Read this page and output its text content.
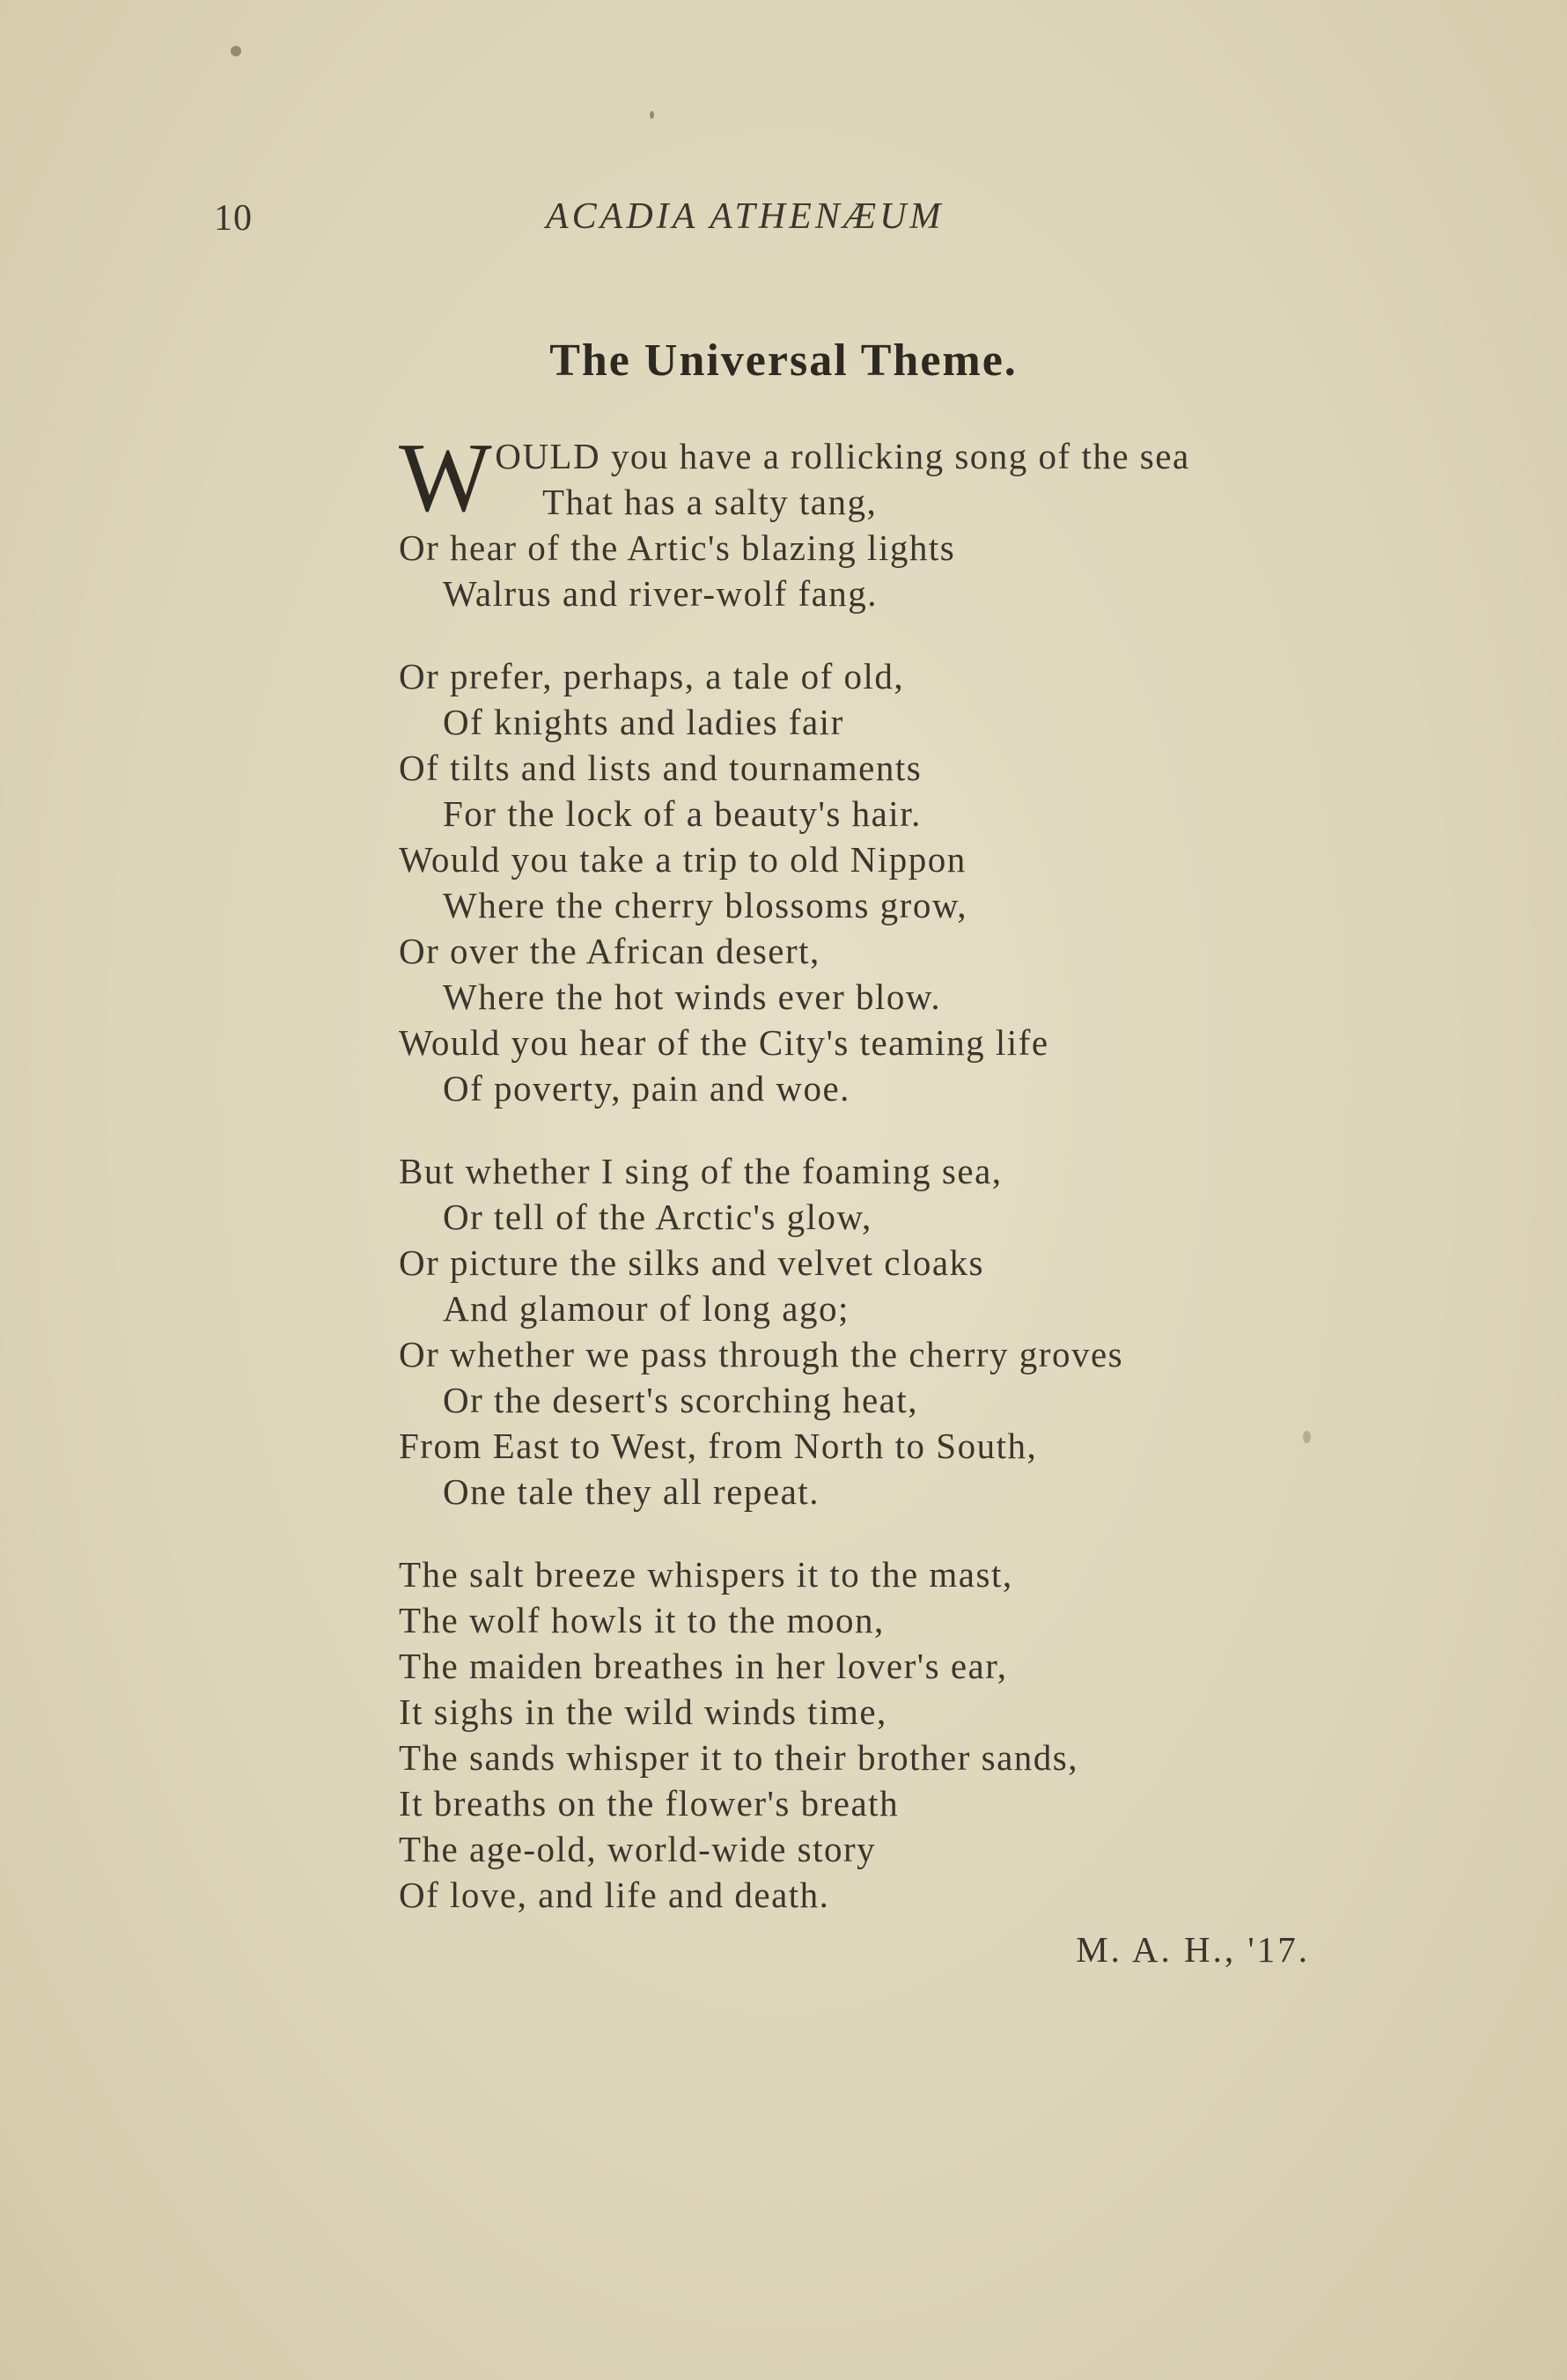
10	ACADIA ATHENÆUM
The Universal Theme.
WOULD you have a rollicking song of the sea
That has a salty tang,
Or hear of the Artic's blazing lights
Walrus and river-wolf fang.
Or prefer, perhaps, a tale of old,
Of knights and ladies fair
Of tilts and lists and tournaments
For the lock of a beauty's hair.
Would you take a trip to old Nippon
Where the cherry blossoms grow,
Or over the African desert,
Where the hot winds ever blow.
Would you hear of the City's teaming life
Of poverty, pain and woe.
But whether I sing of the foaming sea,
Or tell of the Arctic's glow,
Or picture the silks and velvet cloaks
And glamour of long ago;
Or whether we pass through the cherry groves
Or the desert's scorching heat,
From East to West, from North to South,
One tale they all repeat.
The salt breeze whispers it to the mast,
The wolf howls it to the moon,
The maiden breathes in her lover's ear,
It sighs in the wild winds time,
The sands whisper it to their brother sands,
It breaths on the flower's breath
The age-old, world-wide story
Of love, and life and death.
M. A. H., '17.
